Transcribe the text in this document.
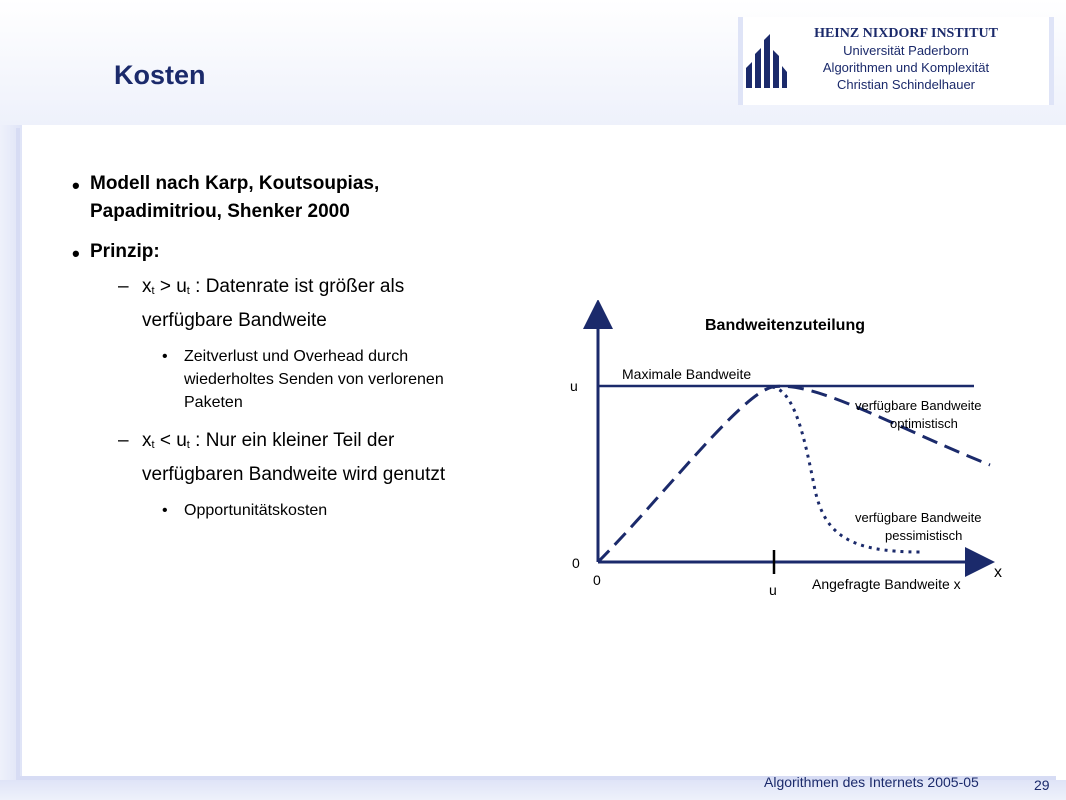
HEINZ NIXDORF INSTITUT
Universität Paderborn
Algorithmen und Komplexität
Christian Schindelhauer
Kosten
• Modell nach Karp, Koutsoupias,
Papadimitriou, Shenker 2000
• Prinzip:
– $x_t > u_t$ : Datenrate ist größer als
verfügbare Bandweite
• Zeitverlust und Overhead durch
wiederholtes Senden von verlorenen
Paketen
– $x_t < u_t$ : Nur ein kleiner Teil der
verfügbaren Bandweite wird genutzt
• Opportunitätskosten
Bandweitenzuteilung
u
0
0	x
u	Angefragte Bandweite x
Maximale Bandweite
verfügbare Bandweite
optimistisch
verfügbare Bandweite
pessimistisch
Algorithmen des Internets 2005-05	29
